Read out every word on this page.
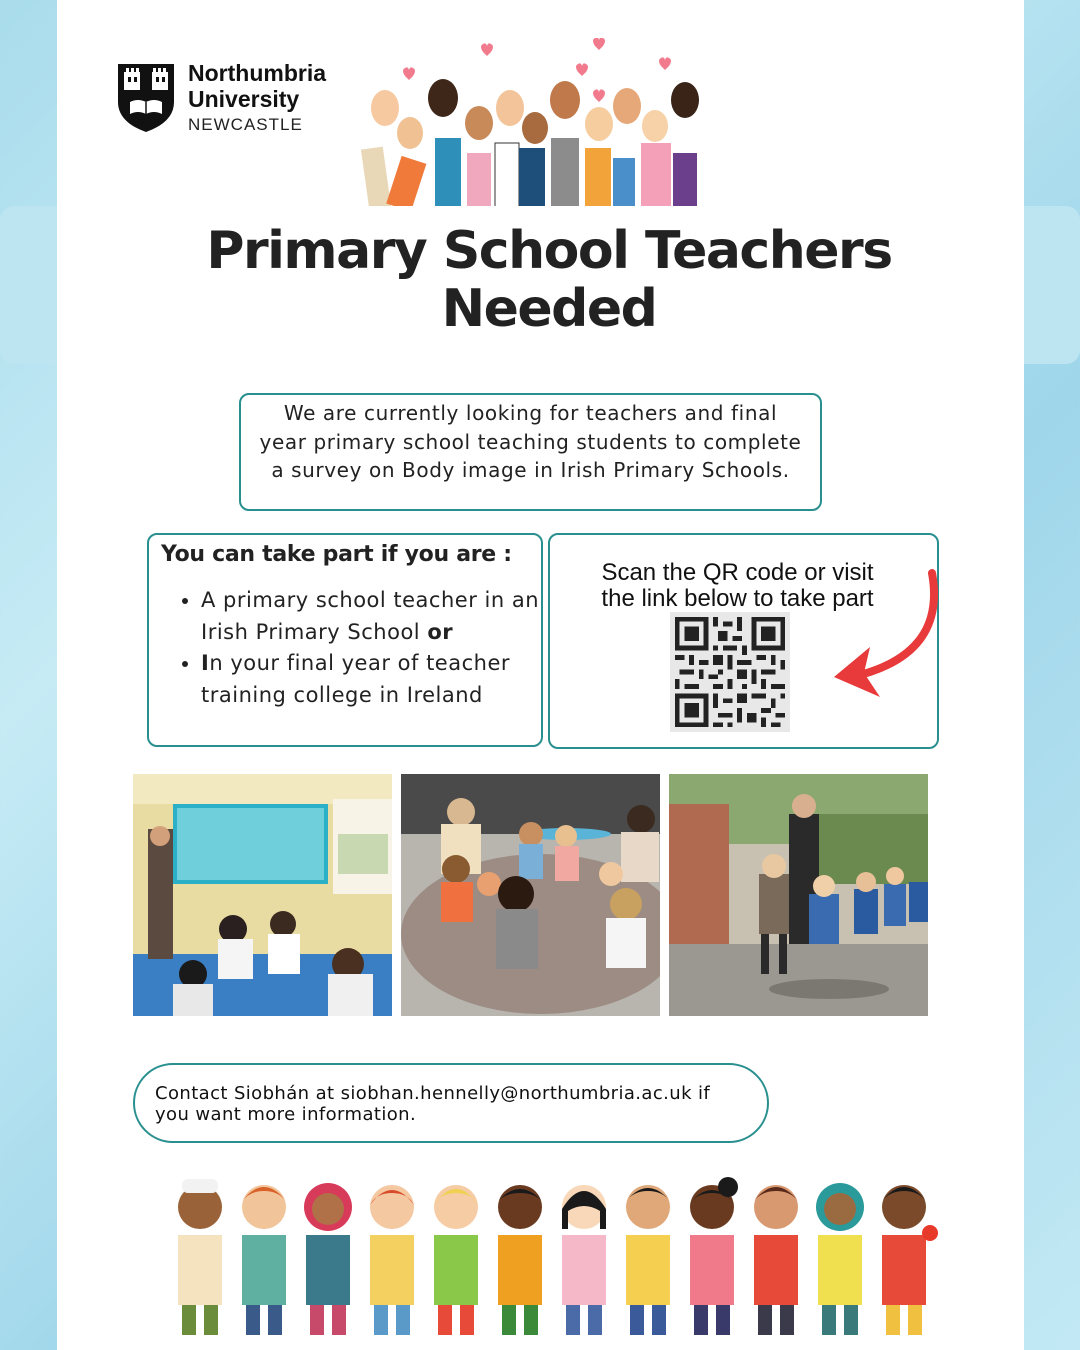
Northumbria
University
NEWCASTLE
Primary School Teachers
Needed

We are currently looking for teachers and final year primary school teaching students to complete a survey on Body image in Irish Primary Schools.

You can take part if you are :
• A primary school teacher in an Irish Primary School or
• In your final year of teacher training college in Ireland
Scan the QR code or visit
the link below to take part

Contact Siobhán at siobhan.hennelly@northumbria.ac.uk if
you want more information.
